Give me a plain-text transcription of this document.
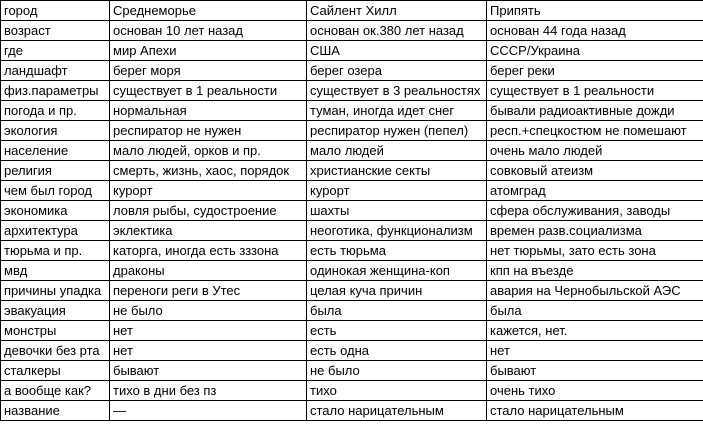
город	Среднеморье	Сайлент Хилл	Припять
возраст	основан 10 лет назад	основан ок.380 лет назад	основан 44 года назад
где	мир Апехи	США	СССР/Украина
ландшафт	берег моря	берег озера	берег реки
физ.параметры	существует в 1 реальности	существует в 3 реальностях	существует в 1 реальности
погода и пр.	нормальная	туман, иногда идет снег	бывали радиоактивные дожди
экология	респиратор не нужен	респиратор нужен (пепел)	респ.+спецкостюм не помешают
население	мало людей, орков и пр.	мало людей	очень мало людей
религия	смерть, жизнь, хаос, порядок	христианские секты	совковый атеизм
чем был город	курорт	курорт	атомград
экономика	ловля рыбы, судостроение	шахты	сфера обслуживания, заводы
архитектура	эклектика	неоготика, функционализм	времен разв.социализма
тюрьма и пр.	каторга, иногда есть зззона	есть тюрьма	нет тюрьмы, зато есть зона
мвд	драконы	одинокая женщина-коп	кпп на въезде
причины упадка	переноги реги в Утес	целая куча причин	авария на Чернобыльской АЭС
эвакуация	не было	была	была
монстры	нет	есть	кажется, нет.
девочки без рта	нет	есть одна	нет
сталкеры	бывают	не было	бывают
а вообще как?	тихо в дни без пз	тихо	очень тихо
название	—	стало нарицательным	стало нарицательным
